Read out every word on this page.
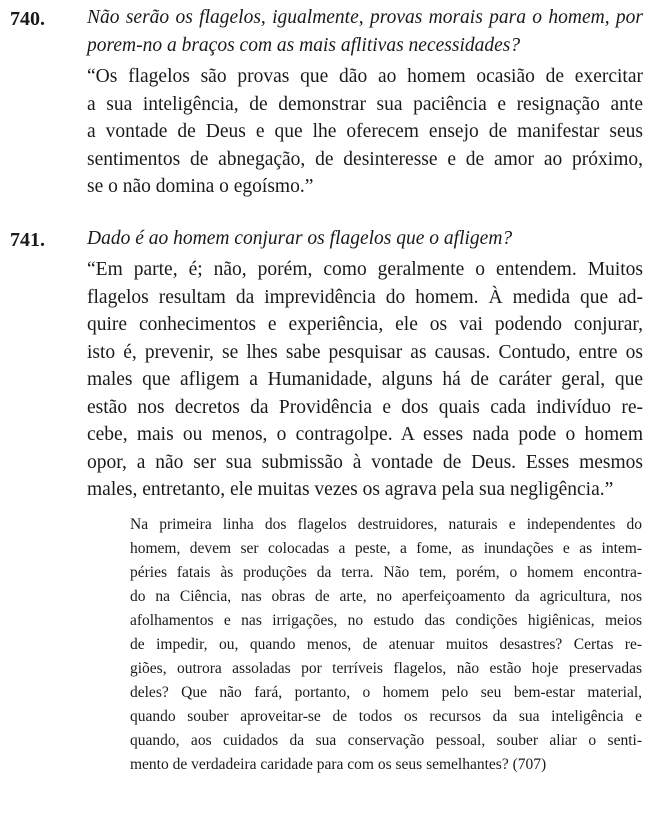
740. Não serão os flagelos, igualmente, provas morais para o homem, por
porem-no a braços com as mais aflitivas necessidades?
“Os flagelos são provas que dão ao homem ocasião de exercitar
a sua inteligência, de demonstrar sua paciência e resignação ante
a vontade de Deus e que lhe oferecem ensejo de manifestar seus
sentimentos de abnegação, de desinteresse e de amor ao próximo,
se o não domina o egoísmo.”
741. Dado é ao homem conjurar os flagelos que o afligem?
“Em parte, é; não, porém, como geralmente o entendem. Muitos
flagelos resultam da imprevidência do homem. À medida que ad-
quire conhecimentos e experiência, ele os vai podendo conjurar,
isto é, prevenir, se lhes sabe pesquisar as causas. Contudo, entre os
males que afligem a Humanidade, alguns há de caráter geral, que
estão nos decretos da Providência e dos quais cada indivíduo re-
cebe, mais ou menos, o contragolpe. A esses nada pode o homem
opor, a não ser sua submissão à vontade de Deus. Esses mesmos
males, entretanto, ele muitas vezes os agrava pela sua negligência.”
Na primeira linha dos flagelos destruidores, naturais e independentes do
homem, devem ser colocadas a peste, a fome, as inundações e as intem-
péries fatais às produções da terra. Não tem, porém, o homem encontra-
do na Ciência, nas obras de arte, no aperfeiçoamento da agricultura, nos
afolhamentos e nas irrigações, no estudo das condições higiênicas, meios
de impedir, ou, quando menos, de atenuar muitos desastres? Certas re-
giões, outrora assoladas por terríveis flagelos, não estão hoje preservadas
deles? Que não fará, portanto, o homem pelo seu bem-estar material,
quando souber aproveitar-se de todos os recursos da sua inteligência e
quando, aos cuidados da sua conservação pessoal, souber aliar o senti-
mento de verdadeira caridade para com os seus semelhantes? (707)
